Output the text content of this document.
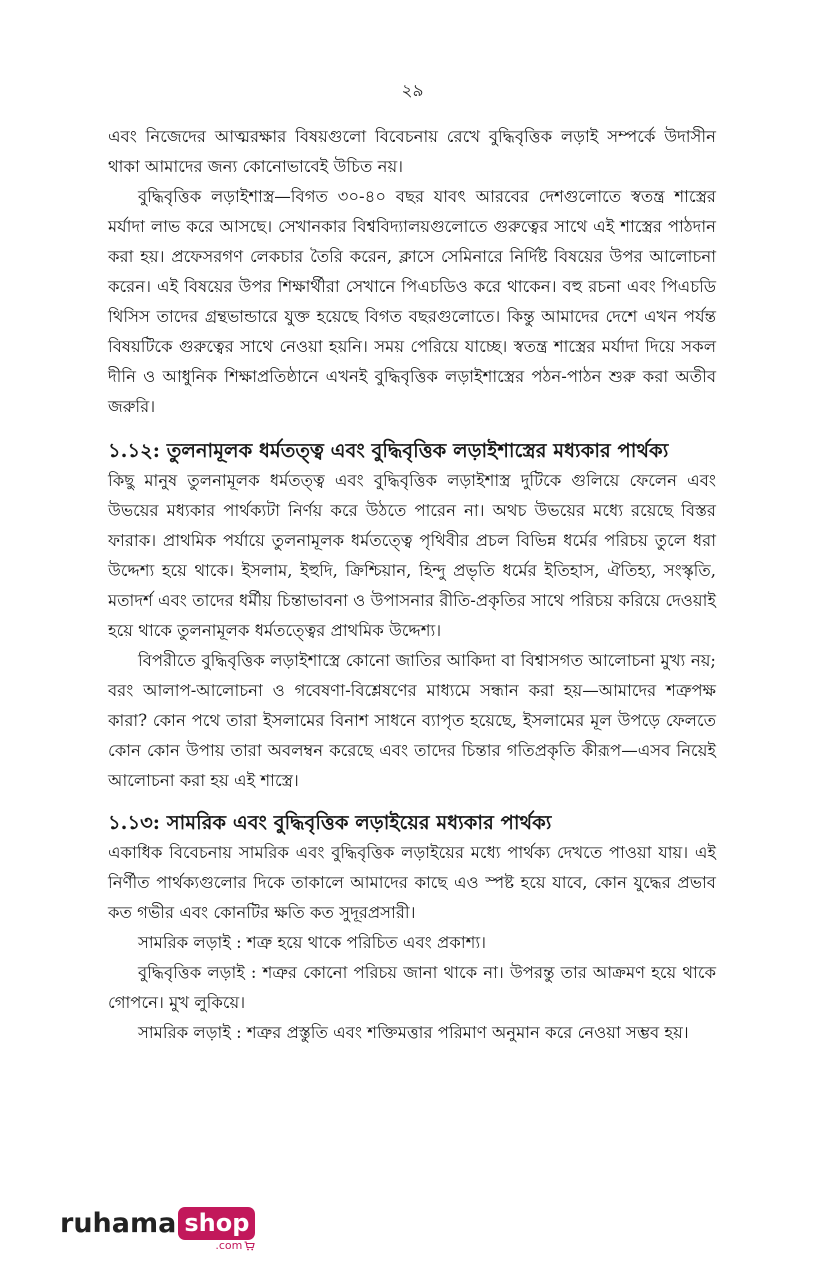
২৯

এবং নিজেদের আত্মরক্ষার বিষয়গুলো বিবেচনায় রেখে বুদ্ধিবৃত্তিক লড়াই সম্পর্কে উদাসীন থাকা আমাদের জন্য কোনোভাবেই উচিত নয়।

বুদ্ধিবৃত্তিক লড়াইশাস্ত্র—বিগত ৩০-৪০ বছর যাবৎ আরবের দেশগুলোতে স্বতন্ত্র শাস্ত্রের মর্যাদা লাভ করে আসছে। সেখানকার বিশ্ববিদ্যালয়গুলোতে গুরুত্বের সাথে এই শাস্ত্রের পাঠদান করা হয়। প্রফেসরগণ লেকচার তৈরি করেন, ক্লাসে সেমিনারে নির্দিষ্ট বিষয়ের উপর আলোচনা করেন। এই বিষয়ের উপর শিক্ষার্থীরা সেখানে পিএচডিও করে থাকেন। বহু রচনা এবং পিএচডি থিসিস তাদের গ্রন্থভান্ডারে যুক্ত হয়েছে বিগত বছরগুলোতে। কিন্তু আমাদের দেশে এখন পর্যন্ত বিষয়টিকে গুরুত্বের সাথে নেওয়া হয়নি। সময় পেরিয়ে যাচ্ছে। স্বতন্ত্র শাস্ত্রের মর্যাদা দিয়ে সকল দীনি ও আধুনিক শিক্ষাপ্রতিষ্ঠানে এখনই বুদ্ধিবৃত্তিক লড়াইশাস্ত্রের পঠন-পাঠন শুরু করা অতীব জরুরি।

১.১২: তুলনামূলক ধর্মতত্ত্ব এবং বুদ্ধিবৃত্তিক লড়াইশাস্ত্রের মধ্যকার পার্থক্য

কিছু মানুষ তুলনামূলক ধর্মতত্ত্ব এবং বুদ্ধিবৃত্তিক লড়াইশাস্ত্র দুটিকে গুলিয়ে ফেলেন এবং উভয়ের মধ্যকার পার্থক্যটা নির্ণয় করে উঠতে পারেন না। অথচ উভয়ের মধ্যে রয়েছে বিস্তর ফারাক। প্রাথমিক পর্যায়ে তুলনামূলক ধর্মতত্ত্বে পৃথিবীর প্রচল বিভিন্ন ধর্মের পরিচয় তুলে ধরা উদ্দেশ্য হয়ে থাকে। ইসলাম, ইহুদি, ক্রিশ্চিয়ান, হিন্দু প্রভৃতি ধর্মের ইতিহাস, ঐতিহ্য, সংস্কৃতি, মতাদর্শ এবং তাদের ধর্মীয় চিন্তাভাবনা ও উপাসনার রীতি-প্রকৃতির সাথে পরিচয় করিয়ে দেওয়াই হয়ে থাকে তুলনামূলক ধর্মতত্ত্বের প্রাথমিক উদ্দেশ্য।

বিপরীতে বুদ্ধিবৃত্তিক লড়াইশাস্ত্রে কোনো জাতির আকিদা বা বিশ্বাসগত আলোচনা মুখ্য নয়; বরং আলাপ-আলোচনা ও গবেষণা-বিশ্লেষণের মাধ্যমে সন্ধান করা হয়—আমাদের শত্রুপক্ষ কারা? কোন পথে তারা ইসলামের বিনাশ সাধনে ব্যাপৃত হয়েছে, ইসলামের মূল উপড়ে ফেলতে কোন কোন উপায় তারা অবলম্বন করেছে এবং তাদের চিন্তার গতিপ্রকৃতি কীরূপ—এসব নিয়েই আলোচনা করা হয় এই শাস্ত্রে।

১.১৩: সামরিক এবং বুদ্ধিবৃত্তিক লড়াইয়ের মধ্যকার পার্থক্য

একাধিক বিবেচনায় সামরিক এবং বুদ্ধিবৃত্তিক লড়াইয়ের মধ্যে পার্থক্য দেখতে পাওয়া যায়। এই নির্ণীত পার্থক্যগুলোর দিকে তাকালে আমাদের কাছে এও স্পষ্ট হয়ে যাবে, কোন যুদ্ধের প্রভাব কত গভীর এবং কোনটির ক্ষতি কত সুদূরপ্রসারী।

সামরিক লড়াই : শত্রু হয়ে থাকে পরিচিত এবং প্রকাশ্য।

বুদ্ধিবৃত্তিক লড়াই : শত্রুর কোনো পরিচয় জানা থাকে না। উপরন্তু তার আক্রমণ হয়ে থাকে গোপনে। মুখ লুকিয়ে।

সামরিক লড়াই : শত্রুর প্রস্তুতি এবং শক্তিমত্তার পরিমাণ অনুমান করে নেওয়া সম্ভব হয়।

ruhama shop
.com
